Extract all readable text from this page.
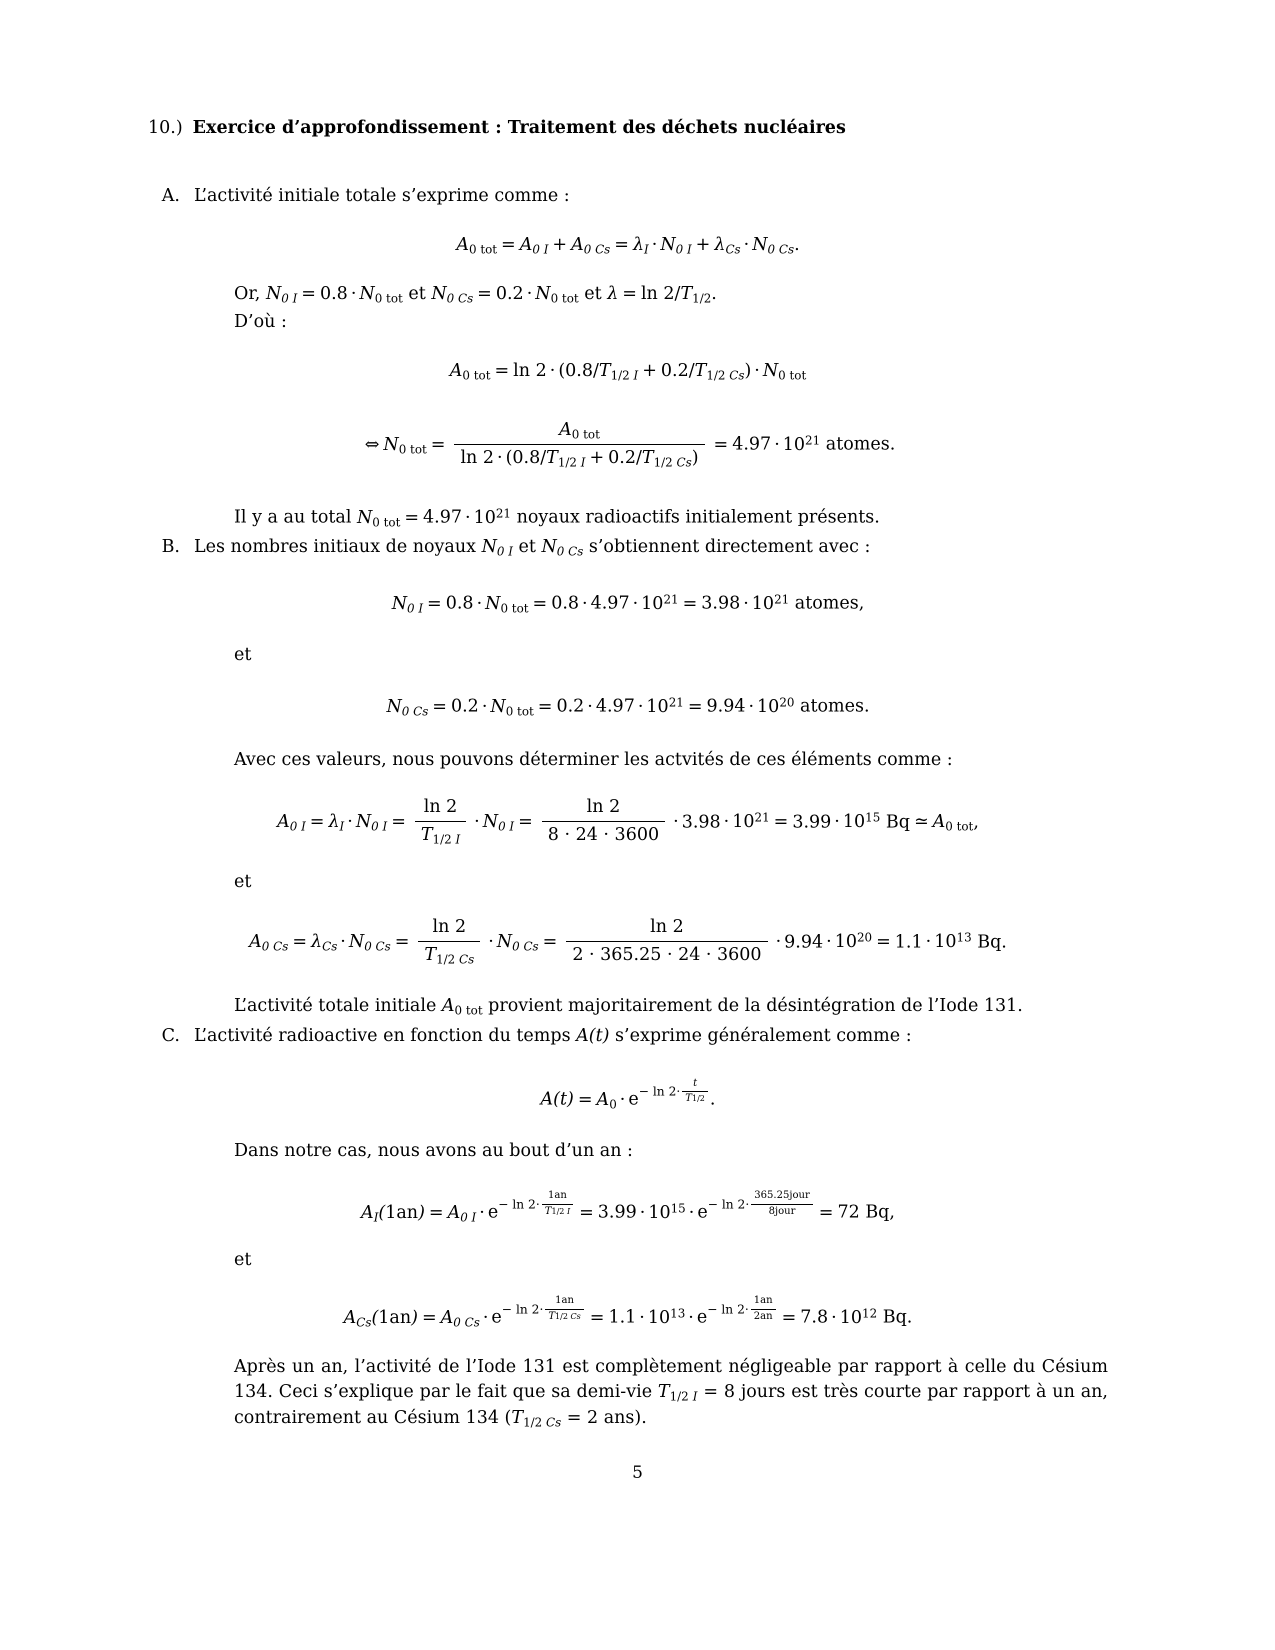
10.) Exercice d’approfondissement : Traitement des déchets nucléaires
A. L’activité initiale totale s’exprime comme :
$A_{0 tot} = A_{0 I} + A_{0 Cs} = \lambda_I \cdot N_{0 I} + \lambda_{Cs} \cdot N_{0 Cs}$.
Or, $N_{0 I} = 0.8 \cdot N_{0 tot}$ et $N_{0 Cs} = 0.2 \cdot N_{0 tot}$ et $\lambda = \ln 2/T_{1/2}$.
D’où :
$A_{0 tot} = \ln 2 \cdot (0.8/T_{1/2 I} + 0.2/T_{1/2 Cs}) \cdot N_{0 tot}$
⇔ $N_{0 tot} = \frac{A_{0 tot}}{\ln 2 \cdot (0.8/T_{1/2 I} + 0.2/T_{1/2 Cs})} = 4.97 \cdot 10^{21}$ atomes.
Il y a au total $N_{0 tot} = 4.97 \cdot 10^{21}$ noyaux radioactifs initialement présents.
B. Les nombres initiaux de noyaux $N_{0 I}$ et $N_{0 Cs}$ s’obtiennent directement avec :
$N_{0 I} = 0.8 \cdot N_{0 tot} = 0.8 \cdot 4.97 \cdot 10^{21} = 3.98 \cdot 10^{21}$ atomes,
et
$N_{0 Cs} = 0.2 \cdot N_{0 tot} = 0.2 \cdot 4.97 \cdot 10^{21} = 9.94 \cdot 10^{20}$ atomes.
Avec ces valeurs, nous pouvons déterminer les actvités de ces éléments comme :
$A_{0 I} = \lambda_I \cdot N_{0 I} = \frac{\ln 2}{T_{1/2 I}} \cdot N_{0 I} = \frac{\ln 2}{8 \cdot 24 \cdot 3600} \cdot 3.98 \cdot 10^{21} = 3.99 \cdot 10^{15}$ Bq ≃ $A_{0 tot}$,
et
$A_{0 Cs} = \lambda_{Cs} \cdot N_{0 Cs} = \frac{\ln 2}{T_{1/2 Cs}} \cdot N_{0 Cs} = \frac{\ln 2}{2 \cdot 365.25 \cdot 24 \cdot 3600} \cdot 9.94 \cdot 10^{20} = 1.1 \cdot 10^{13}$ Bq.
L’activité totale initiale $A_{0 tot}$ provient majoritairement de la désintégration de l’Iode 131.
C. L’activité radioactive en fonction du temps A(t) s’exprime généralement comme :
$A(t) = A_0 \cdot e- \ln 2\cdot \frac{t}{T1/2}$ .
Dans notre cas, nous avons au bout d’un an :
$A_I(1an) = A_{0 I} \cdot e- \ln 2\cdot \frac{1an}{T1/2 I} = 3.99 \cdot 10^{15} \cdot e- \ln 2\cdot \frac{\text{365.25jour}}{\text{8jour}} = 72$ Bq,
et
$A_{Cs}(1an) = A_{0 Cs} \cdot e- \ln 2\cdot \frac{1an}{T1/2 Cs} = 1.1 \cdot 10^{13} \cdot e- \ln 2\cdot \frac{1an}{2an} = 7.8 \cdot 10^{12}$ Bq.
Après un an, l’activité de l’Iode 131 est complètement négligeable par rapport à celle du Césium 134. Ceci s’explique par le fait que sa demi-vie $T_{1/2 I} = 8$ jours est très courte par rapport à un an, contrairement au Césium 134 ($T_{1/2 Cs} = 2$ ans).
5
